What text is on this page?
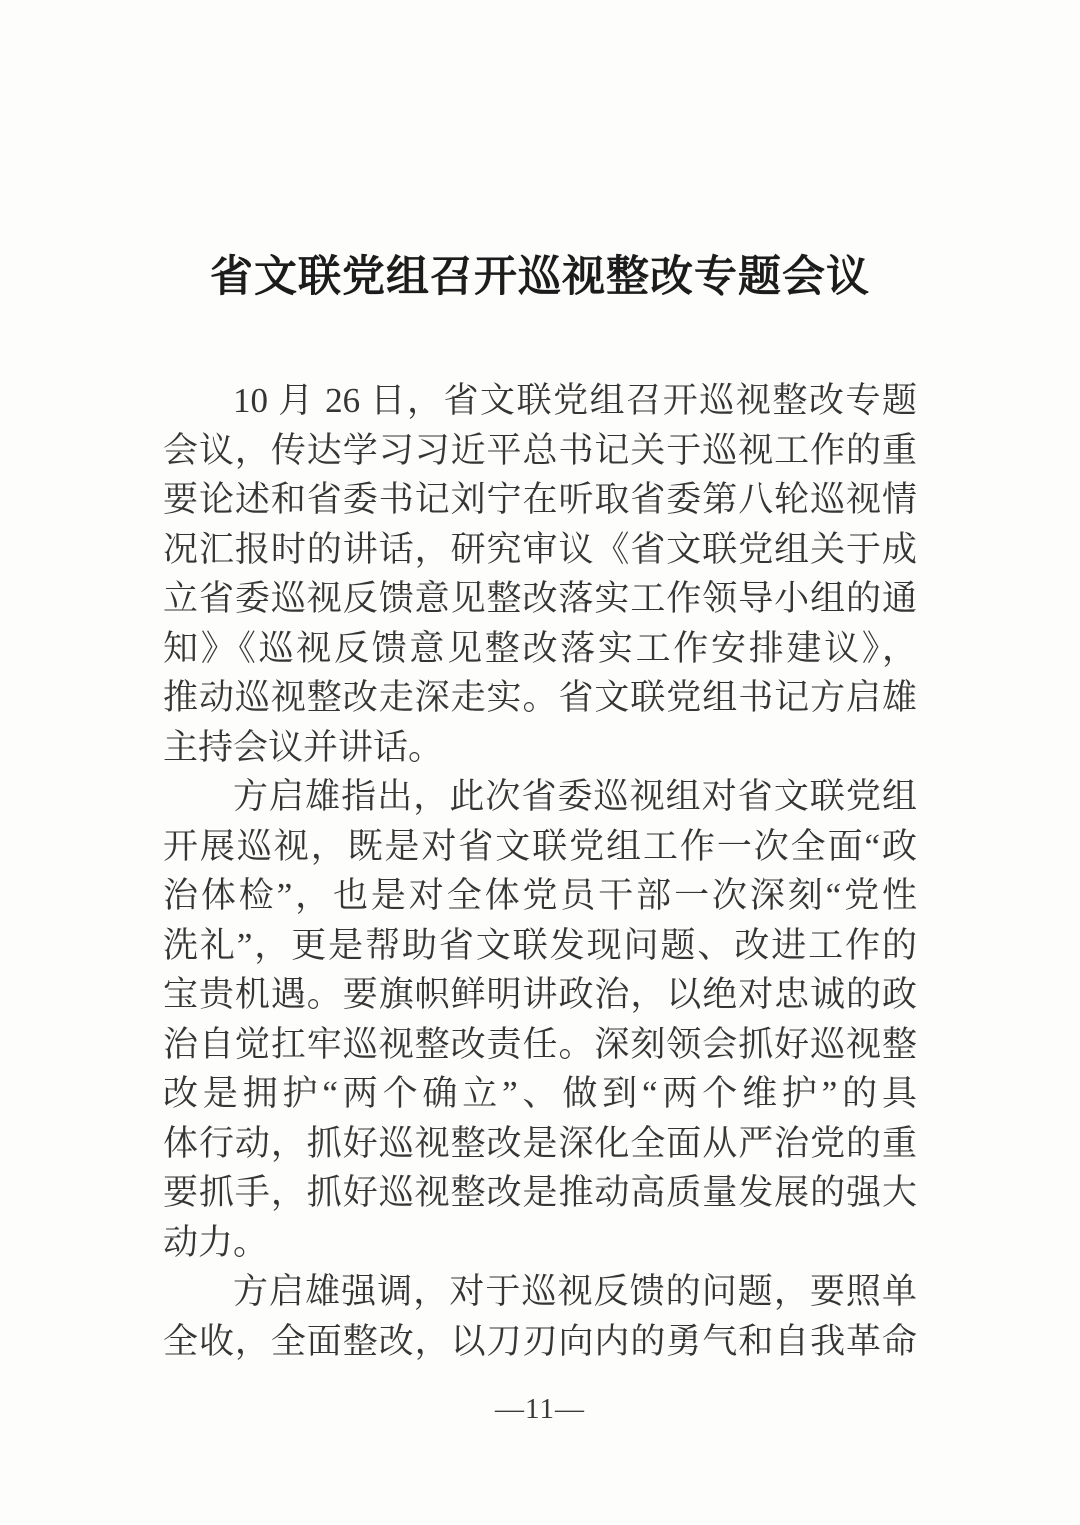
省文联党组召开巡视整改专题会议
10 月 26 日，省文联党组召开巡视整改专题
会议，传达学习习近平总书记关于巡视工作的重
要论述和省委书记刘宁在听取省委第八轮巡视情
况汇报时的讲话，研究审议《省文联党组关于成
立省委巡视反馈意见整改落实工作领导小组的通
知》《巡视反馈意见整改落实工作安排建议》，
推动巡视整改走深走实。省文联党组书记方启雄
主持会议并讲话。
方启雄指出，此次省委巡视组对省文联党组
开展巡视，既是对省文联党组工作一次全面“政
治体检”，也是对全体党员干部一次深刻“党性
洗礼”，更是帮助省文联发现问题、改进工作的
宝贵机遇。要旗帜鲜明讲政治，以绝对忠诚的政
治自觉扛牢巡视整改责任。深刻领会抓好巡视整
改是拥护“两个确立”、做到“两个维护”的具
体行动，抓好巡视整改是深化全面从严治党的重
要抓手，抓好巡视整改是推动高质量发展的强大
动力。
方启雄强调，对于巡视反馈的问题，要照单
全收，全面整改，以刀刃向内的勇气和自我革命
—11—
